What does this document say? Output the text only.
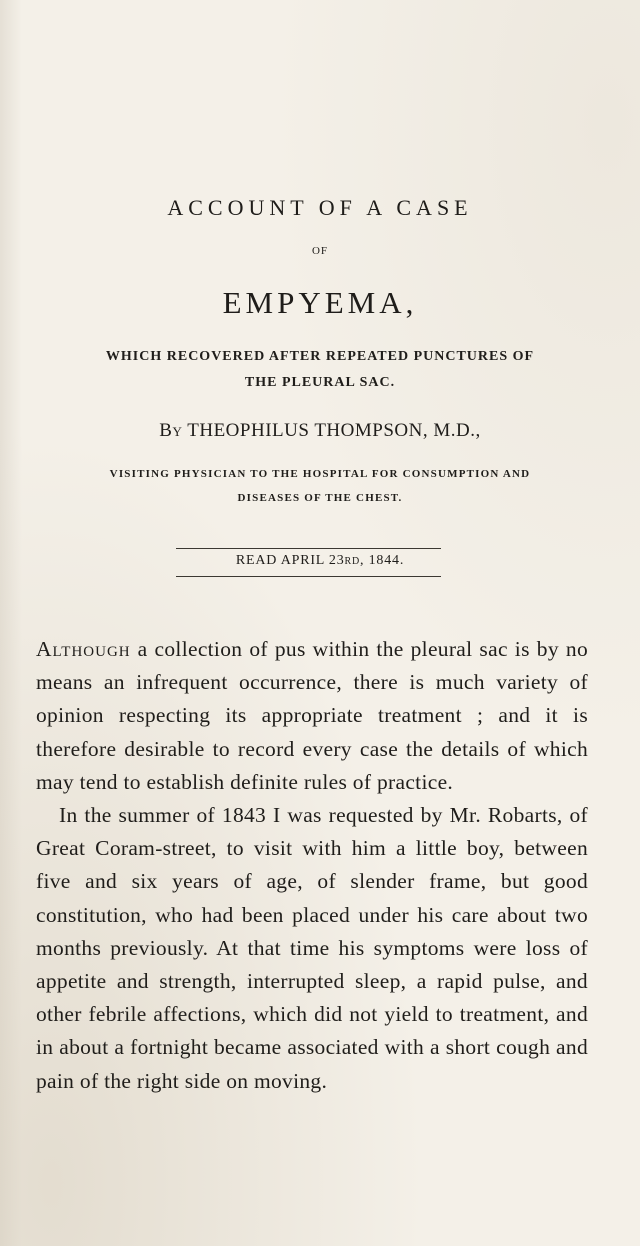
ACCOUNT OF A CASE

OF

EMPYEMA,

WHICH RECOVERED AFTER REPEATED PUNCTURES OF
THE PLEURAL SAC.

By THEOPHILUS THOMPSON, M.D.,

VISITING PHYSICIAN TO THE HOSPITAL FOR CONSUMPTION AND
DISEASES OF THE CHEST.

READ APRIL 23rd, 1844.

Although a collection of pus within the pleural sac is by no means an infrequent occurrence, there is much variety of opinion respecting its appropriate treatment ; and it is therefore desirable to record every case the details of which may tend to establish definite rules of practice.

In the summer of 1843 I was requested by Mr. Robarts, of Great Coram-street, to visit with him a little boy, between five and six years of age, of slender frame, but good constitution, who had been placed under his care about two months previously. At that time his symptoms were loss of appetite and strength, interrupted sleep, a rapid pulse, and other febrile affections, which did not yield to treatment, and in about a fortnight became associated with a short cough and pain of the right side on moving.
